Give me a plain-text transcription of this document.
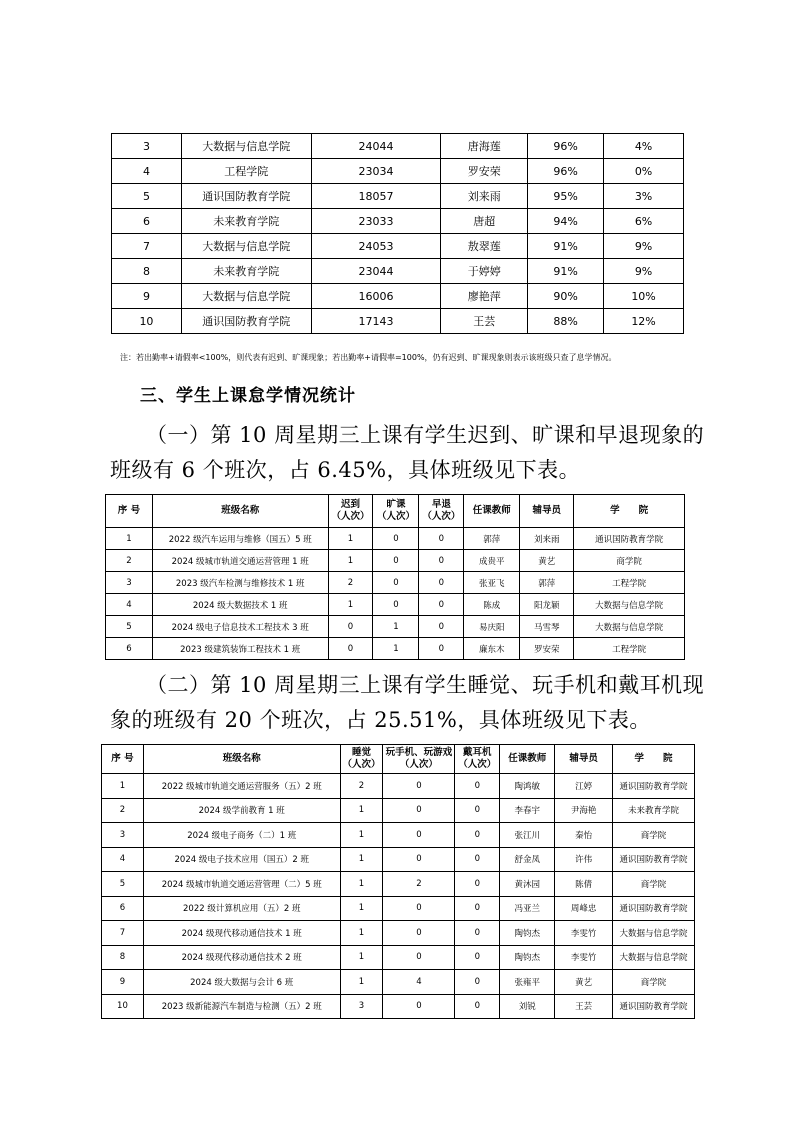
3	大数据与信息学院	24044	唐海莲	96%	4%
4	工程学院	23034	罗安荣	96%	0%
5	通识国防教育学院	18057	刘来雨	95%	3%
6	未来教育学院	23033	唐超	94%	6%
7	大数据与信息学院	24053	敖翠莲	91%	9%
8	未来教育学院	23044	于婷婷	91%	9%
9	大数据与信息学院	16006	廖艳萍	90%	10%
10	通识国防教育学院	17143	王芸	88%	12%
注：若出勤率+请假率<100%，则代表有迟到、旷课现象；若出勤率+请假率=100%，仍有迟到、旷课现象则表示该班级只查了息学情况。
三、学生上课怠学情况统计
（一）第 10 周星期三上课有学生迟到、旷课和早退现象的班级有 6 个班次，占 6.45%，具体班级见下表。
序 号	班级名称	迟到
（人次）	旷课
（人次）	早退
（人次）	任课教师	辅导员	学　　院
1	2022 级汽车运用与维修（国五）5 班	1	0	0	郭萍	刘来雨	通识国防教育学院
2	2024 级城市轨道交通运营管理 1 班	1	0	0	成贵平	黄艺	商学院
3	2023 级汽车检测与维修技术 1 班	2	0	0	张亚飞	郭萍	工程学院
4	2024 级大数据技术 1 班	1	0	0	陈成	阳龙颖	大数据与信息学院
5	2024 级电子信息技术工程技术 3 班	0	1	0	易庆阳	马雪琴	大数据与信息学院
6	2023 级建筑装饰工程技术 1 班	0	1	0	廉东木	罗安荣	工程学院
（二）第 10 周星期三上课有学生睡觉、玩手机和戴耳机现象的班级有 20 个班次，占 25.51%，具体班级见下表。
序 号	班级名称	睡觉
（人次）	玩手机、玩游戏
（人次）	戴耳机
（人次）	任课教师	辅导员	学　　院
1	2022 级城市轨道交通运营服务（五）2 班	2	0	0	陶鸿敏	江婷	通识国防教育学院
2	2024 级学前教育 1 班	1	0	0	李春宇	尹海艳	未来教育学院
3	2024 级电子商务（二）1 班	1	0	0	张江川	秦怡	商学院
4	2024 级电子技术应用（国五）2 班	1	0	0	舒金凤	许伟	通识国防教育学院
5	2024 级城市轨道交通运营管理（二）5 班	1	2	0	黄沐园	陈倩	商学院
6	2022 级计算机应用（五）2 班	1	0	0	冯亚兰	周峰忠	通识国防教育学院
7	2024 级现代移动通信技术 1 班	1	0	0	陶钧杰	李雯竹	大数据与信息学院
8	2024 级现代移动通信技术 2 班	1	0	0	陶钧杰	李雯竹	大数据与信息学院
9	2024 级大数据与会计 6 班	1	4	0	张雍平	黄艺	商学院
10	2023 级新能源汽车制造与检测（五）2 班	3	0	0	刘锐	王芸	通识国防教育学院
